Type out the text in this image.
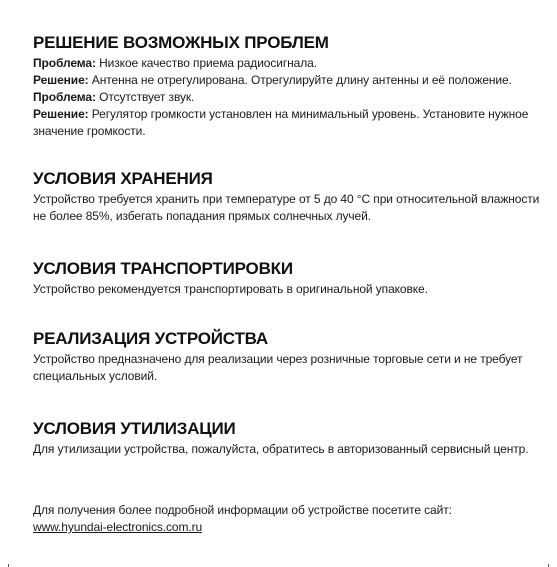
РЕШЕНИЕ ВОЗМОЖНЫХ ПРОБЛЕМ

Проблема: Низкое качество приема радиосигнала.

Решение: Антенна не отрегулирована. Отрегулируйте длину антенны и её положение.

Проблема: Отсутствует звук.

Решение: Регулятор громкости установлен на минимальный уровень. Установите нужное значение громкости.

УСЛОВИЯ ХРАНЕНИЯ

Устройство требуется хранить при температуре от 5 до 40 °С при относительной влажности не более 85%, избегать попадания прямых солнечных лучей.

УСЛОВИЯ ТРАНСПОРТИРОВКИ

Устройство рекомендуется транспортировать в оригинальной упаковке.

РЕАЛИЗАЦИЯ УСТРОЙСТВА

Устройство предназначено для реализации через розничные торговые сети и не требует специальных условий.

УСЛОВИЯ УТИЛИЗАЦИИ

Для утилизации устройства, пожалуйста, обратитесь в авторизованный сервисный центр.

Для получения более подробной информации об устройстве посетите сайт:

www.hyundai-electronics.com.ru
